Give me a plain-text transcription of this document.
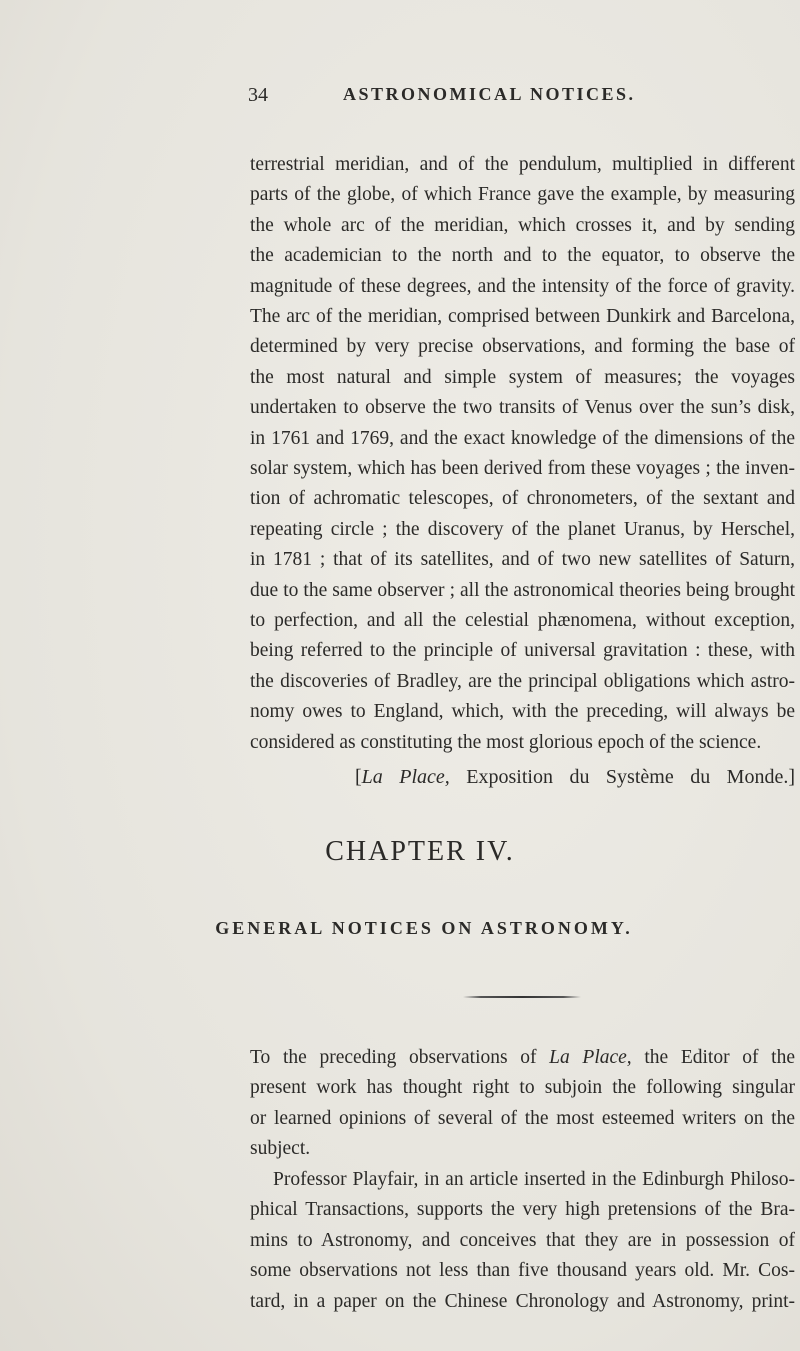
34	ASTRONOMICAL NOTICES.
terrestrial meridian, and of the pendulum, multiplied in different
parts of the globe, of which France gave the example, by measuring
the whole arc of the meridian, which crosses it, and by sending
the academician to the north and to the equator, to observe the
magnitude of these degrees, and the intensity of the force of gravity.
The arc of the meridian, comprised between Dunkirk and Barcelona,
determined by very precise observations, and forming the base of
the most natural and simple system of measures; the voyages
undertaken to observe the two transits of Venus over the sun’s disk,
in 1761 and 1769, and the exact knowledge of the dimensions of the
solar system, which has been derived from these voyages ; the inven-
tion of achromatic telescopes, of chronometers, of the sextant and
repeating circle ; the discovery of the planet Uranus, by Herschel,
in 1781 ; that of its satellites, and of two new satellites of Saturn,
due to the same observer ; all the astronomical theories being brought
to perfection, and all the celestial phænomena, without exception,
being referred to the principle of universal gravitation : these, with
the discoveries of Bradley, are the principal obligations which astro-
nomy owes to England, which, with the preceding, will always be
considered as constituting the most glorious epoch of the science.
[La Place, Exposition du Système du Monde.]
CHAPTER IV.
GENERAL NOTICES ON ASTRONOMY.
To the preceding observations of La Place, the Editor of the
present work has thought right to subjoin the following singular
or learned opinions of several of the most esteemed writers on the
subject.
Professor Playfair, in an article inserted in the Edinburgh Philoso-
phical Transactions, supports the very high pretensions of the Bra-
mins to Astronomy, and conceives that they are in possession of
some observations not less than five thousand years old. Mr. Cos-
tard, in a paper on the Chinese Chronology and Astronomy, print-
